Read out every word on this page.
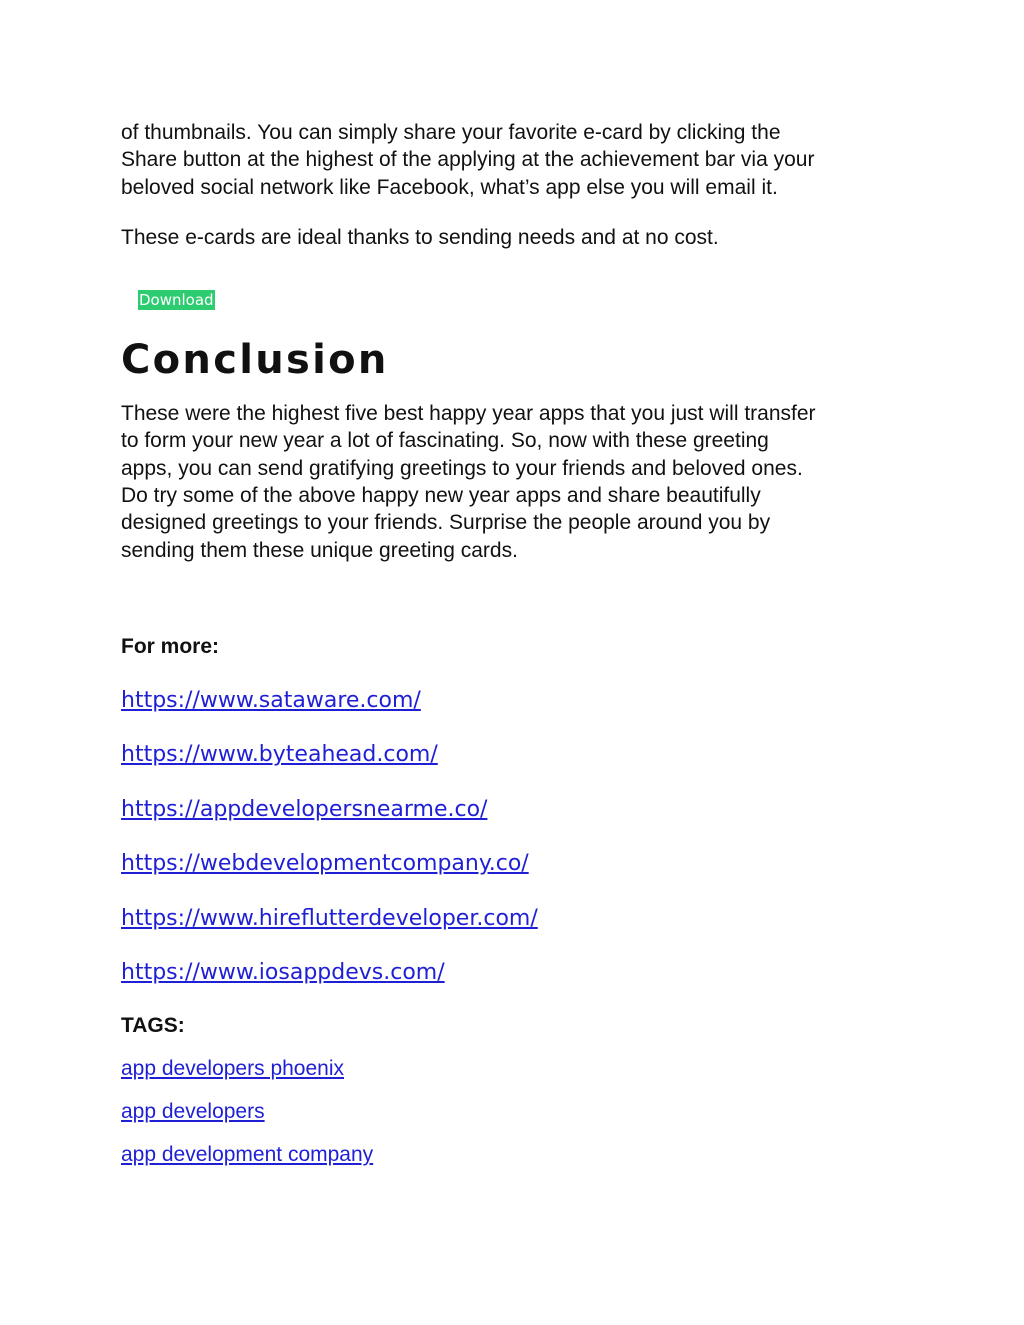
of thumbnails. You can simply share your favorite e-card by clicking the
Share button at the highest of the applying at the achievement bar via your
beloved social network like Facebook, what’s app else you will email it.

These e-cards are ideal thanks to sending needs and at no cost.

Download
Conclusion

These were the highest five best happy year apps that you just will transfer
to form your new year a lot of fascinating. So, now with these greeting
apps, you can send gratifying greetings to your friends and beloved ones.
Do try some of the above happy new year apps and share beautifully
designed greetings to your friends. Surprise the people around you by
sending them these unique greeting cards.

For more:
https://www.sataware.com/
https://www.byteahead.com/
https://appdevelopersnearme.co/
https://webdevelopmentcompany.co/
https://www.hireflutterdeveloper.com/
https://www.iosappdevs.com/
TAGS:
app developers phoenix
app developers
app development company
